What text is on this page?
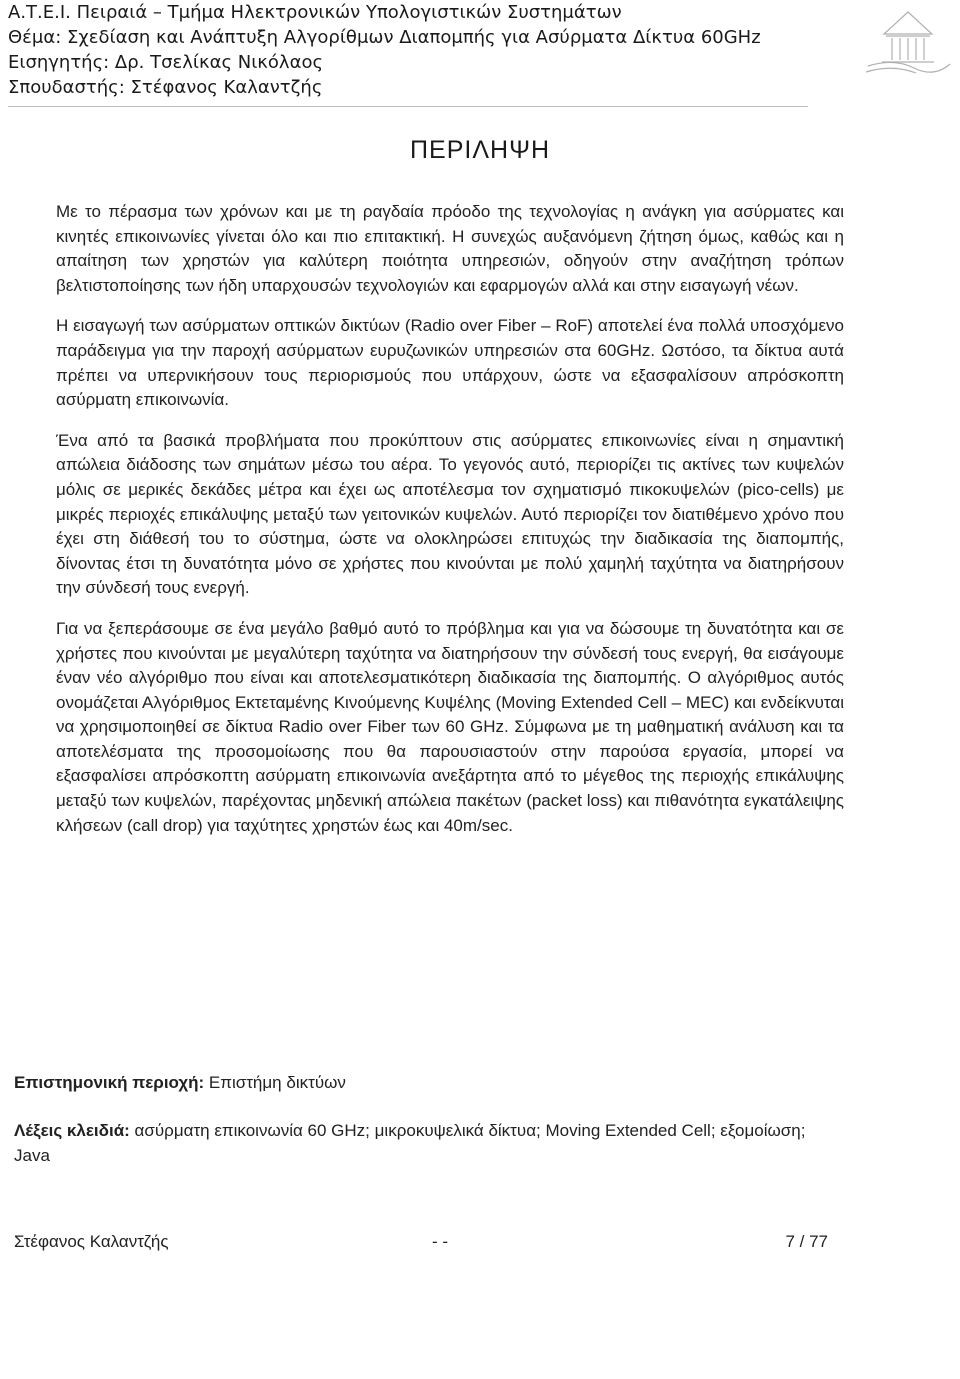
Α.Τ.Ε.Ι. Πειραιά – Τμήμα Ηλεκτρονικών Υπολογιστικών Συστημάτων
Θέμα: Σχεδίαση και Ανάπτυξη Αλγορίθμων Διαπομπής για Ασύρματα Δίκτυα 60GHz
Εισηγητής: Δρ. Τσελίκας Νικόλαος
Σπουδαστής: Στέφανος Καλαντζής
ΠΕΡΙΛΗΨΗ

Με το πέρασμα των χρόνων και με τη ραγδαία πρόοδο της τεχνολογίας η ανάγκη για ασύρματες και κινητές επικοινωνίες γίνεται όλο και πιο επιτακτική. Η συνεχώς αυξανόμενη ζήτηση όμως, καθώς και η απαίτηση των χρηστών για καλύτερη ποιότητα υπηρεσιών, οδηγούν στην αναζήτηση τρόπων βελτιστοποίησης των ήδη υπαρχουσών τεχνολογιών και εφαρμογών αλλά και στην εισαγωγή νέων.

Η εισαγωγή των ασύρματων οπτικών δικτύων (Radio over Fiber – RoF) αποτελεί ένα πολλά υποσχόμενο παράδειγμα για την παροχή ασύρματων ευρυζωνικών υπηρεσιών στα 60GHz. Ωστόσο, τα δίκτυα αυτά πρέπει να υπερνικήσουν τους περιορισμούς που υπάρχουν, ώστε να εξασφαλίσουν απρόσκοπτη ασύρματη επικοινωνία.

Ένα από τα βασικά προβλήματα που προκύπτουν στις ασύρματες επικοινωνίες είναι η σημαντική απώλεια διάδοσης των σημάτων μέσω του αέρα. Το γεγονός αυτό, περιορίζει τις ακτίνες των κυψελών μόλις σε μερικές δεκάδες μέτρα και έχει ως αποτέλεσμα τον σχηματισμό πικοκυψελών (pico-cells) με μικρές περιοχές επικάλυψης μεταξύ των γειτονικών κυψελών. Αυτό περιορίζει τον διατιθέμενο χρόνο που έχει στη διάθεσή του το σύστημα, ώστε να ολοκληρώσει επιτυχώς την διαδικασία της διαπομπής, δίνοντας έτσι τη δυνατότητα μόνο σε χρήστες που κινούνται με πολύ χαμηλή ταχύτητα να διατηρήσουν την σύνδεσή τους ενεργή.

Για να ξεπεράσουμε σε ένα μεγάλο βαθμό αυτό το πρόβλημα και για να δώσουμε τη δυνατότητα και σε χρήστες που κινούνται με μεγαλύτερη ταχύτητα να διατηρήσουν την σύνδεσή τους ενεργή, θα εισάγουμε έναν νέο αλγόριθμο που είναι και αποτελεσματικότερη διαδικασία της διαπομπής. Ο αλγόριθμος αυτός ονομάζεται Αλγόριθμος Εκτεταμένης Κινούμενης Κυψέλης (Moving Extended Cell – MEC) και ενδείκνυται να χρησιμοποιηθεί σε δίκτυα Radio over Fiber των 60 GHz. Σύμφωνα με τη μαθηματική ανάλυση και τα αποτελέσματα της προσομοίωσης που θα παρουσιαστούν στην παρούσα εργασία, μπορεί να εξασφαλίσει απρόσκοπτη ασύρματη επικοινωνία ανεξάρτητα από το μέγεθος της περιοχής επικάλυψης μεταξύ των κυψελών, παρέχοντας μηδενική απώλεια πακέτων (packet loss) και πιθανότητα εγκατάλειψης κλήσεων (call drop) για ταχύτητες χρηστών έως και 40m/sec.

Επιστημονική περιοχή: Επιστήμη δικτύων
Λέξεις κλειδιά: ασύρματη επικοινωνία 60 GHz; μικροκυψελικά δίκτυα; Moving Extended Cell; εξομοίωση; Java
Στέφανος Καλαντζής	- -	7 / 77
